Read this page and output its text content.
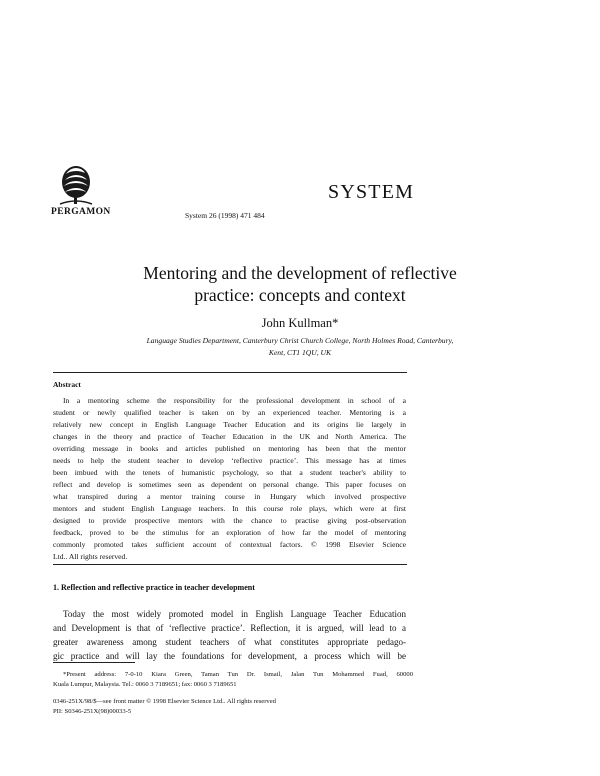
PERGAMON
SYSTEM
System 26 (1998) 471 484
Mentoring and the development of reflective
practice: concepts and context
John Kullman*
Language Studies Department, Canterbury Christ Church College, North Holmes Road, Canterbury,
Kent, CT1 1QU, UK
Abstract
In a mentoring scheme the responsibility for the professional development in school of a
student or newly qualified teacher is taken on by an experienced teacher. Mentoring is a
relatively new concept in English Language Teacher Education and its origins lie largely in
changes in the theory and practice of Teacher Education in the UK and North America. The
overriding message in books and articles published on mentoring has been that the mentor
needs to help the student teacher to develop ‘reflective practice’. This message has at times
been imbued with the tenets of humanistic psychology, so that a student teacher's ability to
reflect and develop is sometimes seen as dependent on personal change. This paper focuses on
what transpired during a mentor training course in Hungary which involved prospective
mentors and student English Language teachers. In this course role plays, which were at first
designed to provide prospective mentors with the chance to practise giving post-observation
feedback, proved to be the stimulus for an exploration of how far the model of mentoring
commonly promoted takes sufficient account of contextual factors. © 1998 Elsevier Science
Ltd.. All rights reserved.
1. Reflection and reflective practice in teacher development
Today the most widely promoted model in English Language Teacher Education
and Development is that of ‘reflective practice’. Reflection, it is argued, will lead to a
greater awareness among student teachers of what constitutes appropriate pedago-
gic practice and will lay the foundations for development, a process which will be
*Present address: 7-0-10 Kiara Green, Taman Tun Dr. Ismail, Jalan Tun Mohammed Fuad, 60000
Kuala Lumpur, Malaysia. Tel.: 0060 3 7189651; fax: 0060 3 7189651
0346-251X/98/$—see front matter © 1998 Elsevier Science Ltd.. All rights reserved
PII: S0346-251X(98)00033-5
